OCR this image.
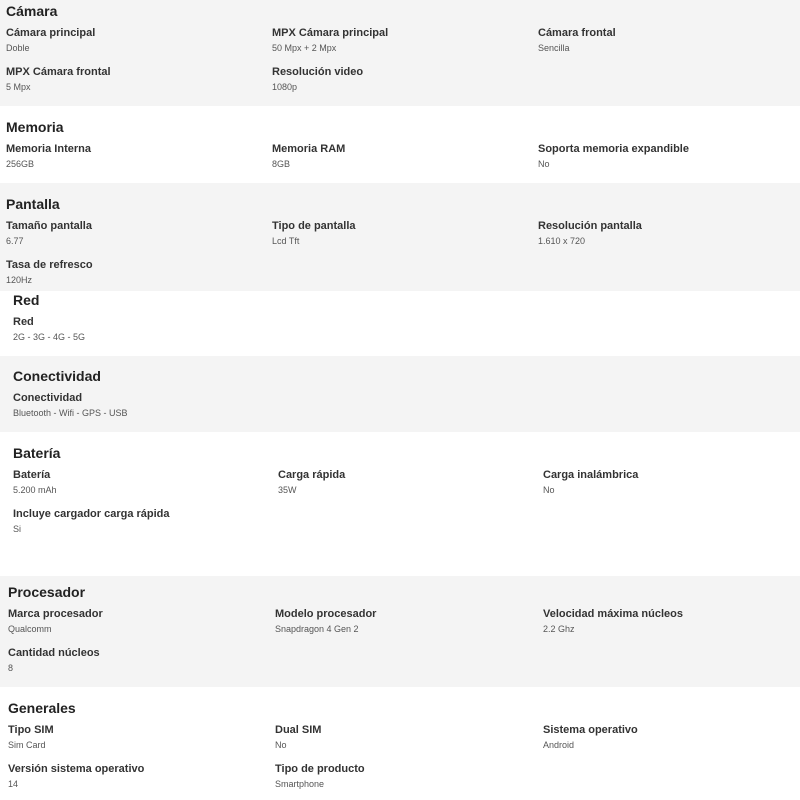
Cámara
Cámara principal
Doble
MPX Cámara principal
50 Mpx + 2 Mpx
Cámara frontal
Sencilla
MPX Cámara frontal
5 Mpx
Resolución video
1080p
Memoria
Memoria Interna
256GB
Memoria RAM
8GB
Soporta memoria expandible
No
Pantalla
Tamaño pantalla
6.77
Tipo de pantalla
Lcd Tft
Resolución pantalla
1.610 x 720
Tasa de refresco
120Hz
Red
Red
2G - 3G - 4G - 5G
Conectividad
Conectividad
Bluetooth - Wifi - GPS - USB
Batería
Batería
5.200 mAh
Carga rápida
35W
Carga inalámbrica
No
Incluye cargador carga rápida
Si
Procesador
Marca procesador
Qualcomm
Modelo procesador
Snapdragon 4 Gen 2
Velocidad máxima núcleos
2.2 Ghz
Cantidad núcleos
8
Generales
Tipo SIM
Sim Card
Dual SIM
No
Sistema operativo
Android
Versión sistema operativo
14
Tipo de producto
Smartphone
